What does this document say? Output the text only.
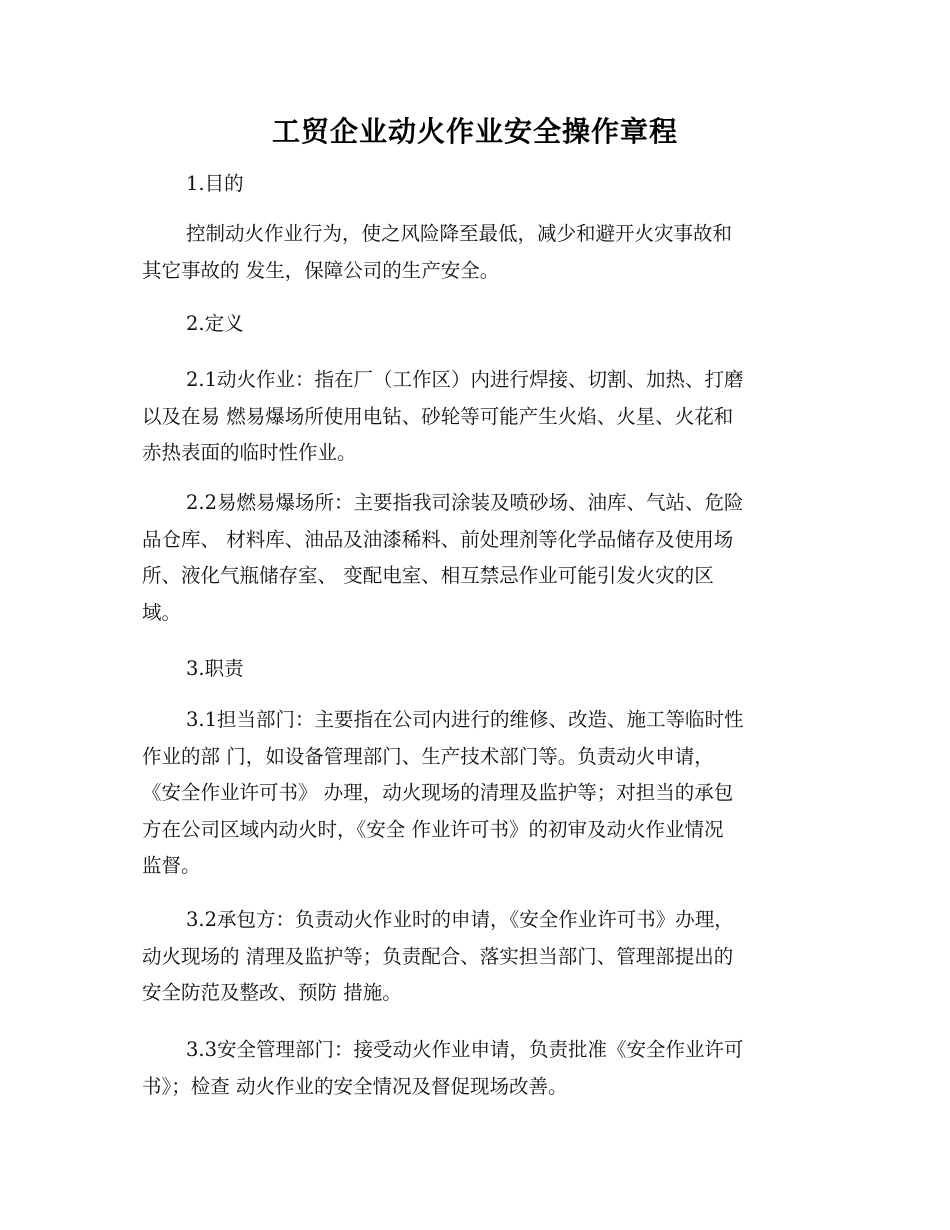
工贸企业动火作业安全操作章程
1.目的
控制动火作业行为，使之风险降至最低，减少和避开火灾事故和
其它事故的 发生，保障公司的生产安全。
2.定义
2.1动火作业：指在厂（工作区）内进行焊接、切割、加热、打磨
以及在易 燃易爆场所使用电钻、砂轮等可能产生火焰、火星、火花和
赤热表面的临时性作业。
2.2易燃易爆场所：主要指我司涂装及喷砂场、油库、气站、危险
品仓库、 材料库、油品及油漆稀料、前处理剂等化学品储存及使用场
所、液化气瓶储存室、 变配电室、相互禁忌作业可能引发火灾的区
域。
3.职责
3.1担当部门：主要指在公司内进行的维修、改造、施工等临时性
作业的部 门，如设备管理部门、生产技术部门等。负责动火申请，
《安全作业许可书》 办理，动火现场的清理及监护等；对担当的承包
方在公司区域内动火时，《安全 作业许可书》的初审及动火作业情况
监督。
3.2承包方：负责动火作业时的申请，《安全作业许可书》办理，
动火现场的 清理及监护等；负责配合、落实担当部门、管理部提出的
安全防范及整改、预防 措施。
3.3安全管理部门：接受动火作业申请，负责批准《安全作业许可
书》；检查 动火作业的安全情况及督促现场改善。
